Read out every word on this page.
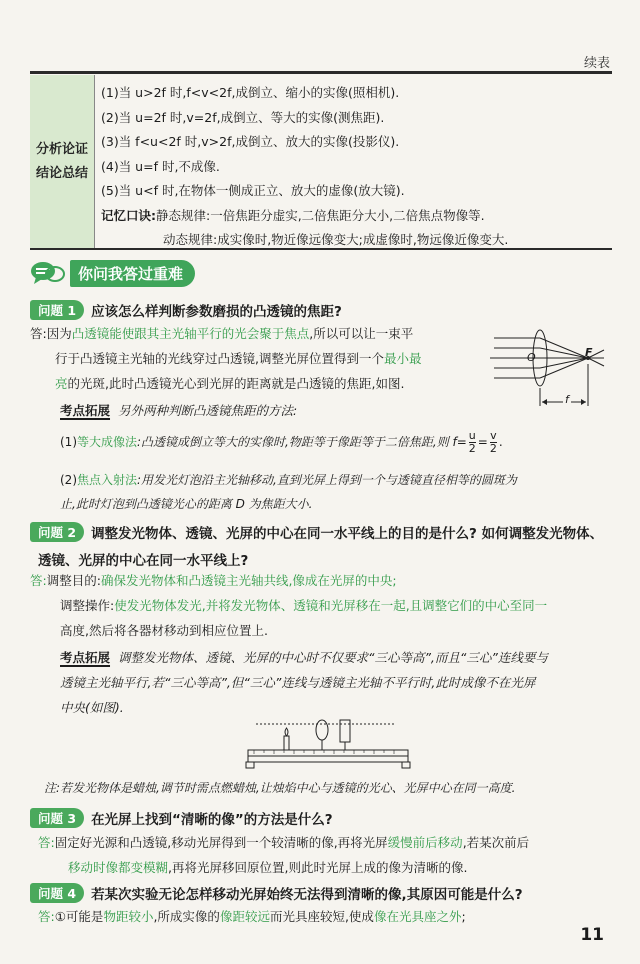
续表
分析论证
结论总结
(1)当 u>2f 时,f<v<2f,成倒立、缩小的实像(照相机).
(2)当 u=2f 时,v=2f,成倒立、等大的实像(测焦距).
(3)当 f<u<2f 时,v>2f,成倒立、放大的实像(投影仪).
(4)当 u=f 时,不成像.
(5)当 u<f 时,在物体一侧成正立、放大的虚像(放大镜).
记忆口诀:静态规律:一倍焦距分虚实,二倍焦距分大小,二倍焦点物像等.
动态规律:成实像时,物近像远像变大;成虚像时,物远像近像变大.
你问我答过重难
问题 1	应该怎么样判断参数磨损的凸透镜的焦距?
答:因为凸透镜能使跟其主光轴平行的光会聚于焦点,所以可以让一束平
行于凸透镜主光轴的光线穿过凸透镜,调整光屏位置得到一个最小最
亮的光斑,此时凸透镜光心到光屏的距离就是凸透镜的焦距,如图.
考点拓展 另外两种判断凸透镜焦距的方法:
O	F
f
(1)等大成像法:凸透镜成倒立等大的实像时,物距等于像距等于二倍焦距,则 $f= \frac{u}{2} = \frac{v}{2}$ .
(2)焦点入射法:用发光灯泡沿主光轴移动,直到光屏上得到一个与透镜直径相等的圆斑为
止,此时灯泡到凸透镜光心的距离 D 为焦距大小.
问题 2	调整发光物体、透镜、光屏的中心在同一水平线上的目的是什么? 如何调整发光物体、
透镜、光屏的中心在同一水平线上?
答:调整目的:确保发光物体和凸透镜主光轴共线,像成在光屏的中央;
调整操作:使发光物体发光,并将发光物体、透镜和光屏移在一起,且调整它们的中心至同一
高度,然后将各器材移动到相应位置上.
考点拓展 调整发光物体、透镜、光屏的中心时不仅要求“三心等高”,而且“三心”连线要与
透镜主光轴平行,若“三心等高”,但“三心”连线与透镜主光轴不平行时,此时成像不在光屏
中央(如图).
注:若发光物体是蜡烛,调节时需点燃蜡烛,让烛焰中心与透镜的光心、光屏中心在同一高度.
问题 3	在光屏上找到“清晰的像”的方法是什么?
答:固定好光源和凸透镜,移动光屏得到一个较清晰的像,再将光屏缓慢前后移动,若某次前后
移动时像都变模糊,再将光屏移回原位置,则此时光屏上成的像为清晰的像.
问题 4	若某次实验无论怎样移动光屏始终无法得到清晰的像,其原因可能是什么?
答:①可能是物距较小,所成实像的像距较远而光具座较短,使成像在光具座之外;
11
